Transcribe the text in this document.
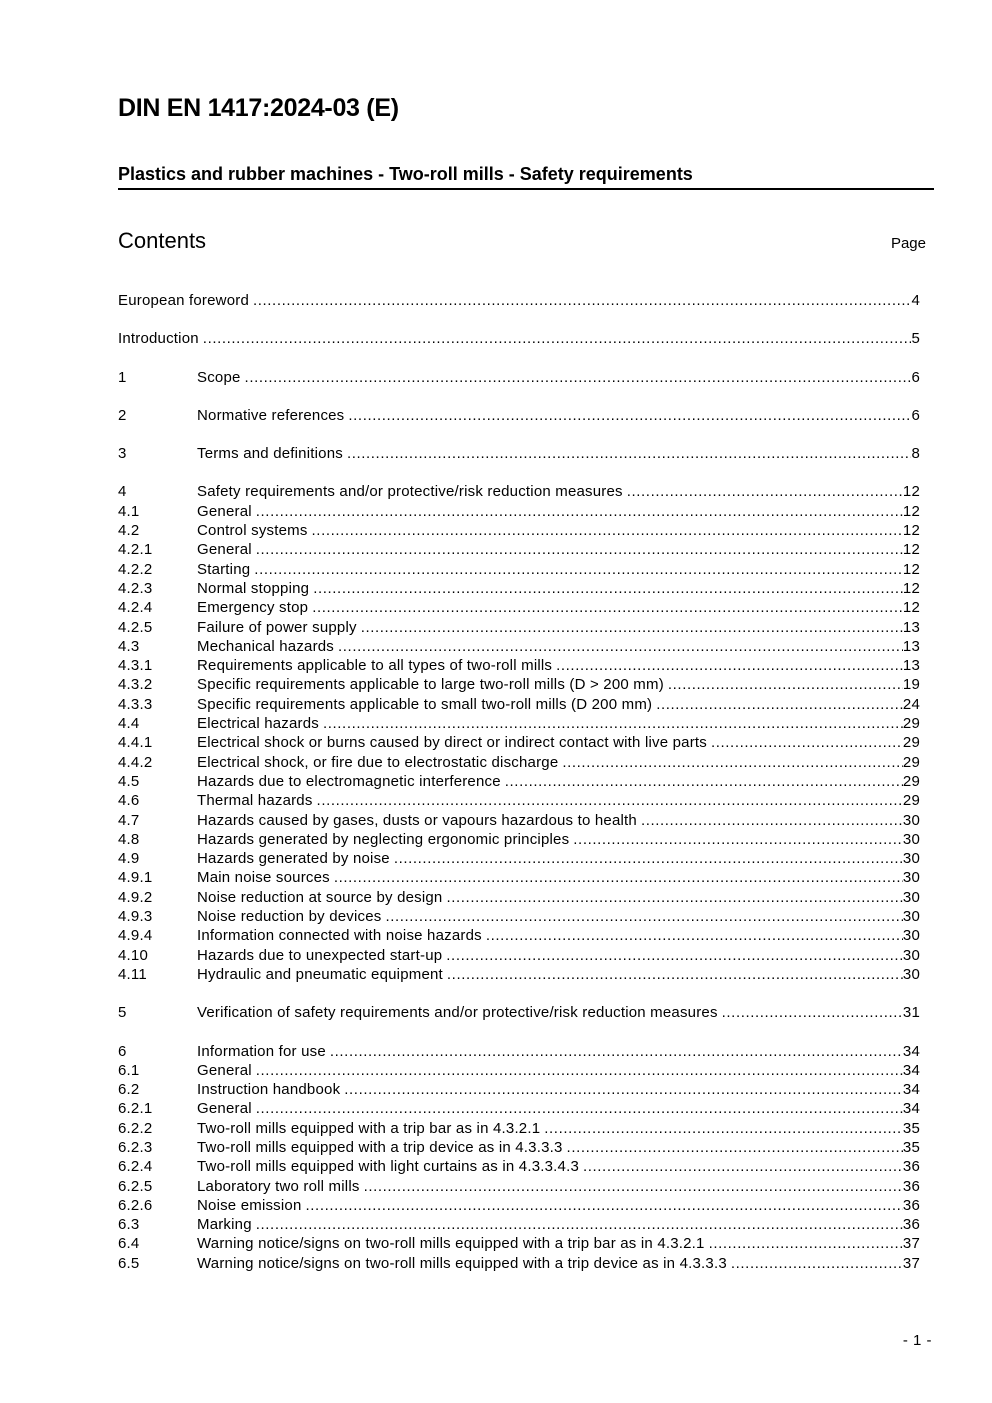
DIN EN 1417:2024-03 (E)
Plastics and rubber machines - Two-roll mills - Safety requirements
Contents	Page
European foreword .....	4
Introduction .....	5
1	Scope .....	6
2	Normative references .....	6
3	Terms and definitions .....	8
4	Safety requirements and/or protective/risk reduction measures .....	12
4.1	General .....	12
4.2	Control systems .....	12
4.2.1	General .....	12
4.2.2	Starting .....	12
4.2.3	Normal stopping .....	12
4.2.4	Emergency stop .....	12
4.2.5	Failure of power supply .....	13
4.3	Mechanical hazards .....	13
4.3.1	Requirements applicable to all types of two-roll mills .....	13
4.3.2	Specific requirements applicable to large two-roll mills (D > 200 mm) .....	19
4.3.3	Specific requirements applicable to small two-roll mills (D 200 mm) .....	24
4.4	Electrical hazards .....	29
4.4.1	Electrical shock or burns caused by direct or indirect contact with live parts .....	29
4.4.2	Electrical shock, or fire due to electrostatic discharge .....	29
4.5	Hazards due to electromagnetic interference .....	29
4.6	Thermal hazards .....	29
4.7	Hazards caused by gases, dusts or vapours hazardous to health .....	30
4.8	Hazards generated by neglecting ergonomic principles .....	30
4.9	Hazards generated by noise .....	30
4.9.1	Main noise sources .....	30
4.9.2	Noise reduction at source by design .....	30
4.9.3	Noise reduction by devices .....	30
4.9.4	Information connected with noise hazards .....	30
4.10	Hazards due to unexpected start-up .....	30
4.11	Hydraulic and pneumatic equipment .....	30
5	Verification of safety requirements and/or protective/risk reduction measures .....	31
6	Information for use .....	34
6.1	General .....	34
6.2	Instruction handbook .....	34
6.2.1	General .....	34
6.2.2	Two-roll mills equipped with a trip bar as in 4.3.2.1 .....	35
6.2.3	Two-roll mills equipped with a trip device as in 4.3.3.3 .....	35
6.2.4	Two-roll mills equipped with light curtains as in 4.3.3.4.3 .....	36
6.2.5	Laboratory two roll mills .....	36
6.2.6	Noise emission .....	36
6.3	Marking .....	36
6.4	Warning notice/signs on two-roll mills equipped with a trip bar as in 4.3.2.1 .....	37
6.5	Warning notice/signs on two-roll mills equipped with a trip device as in 4.3.3.3 .....	37
- 1 -
